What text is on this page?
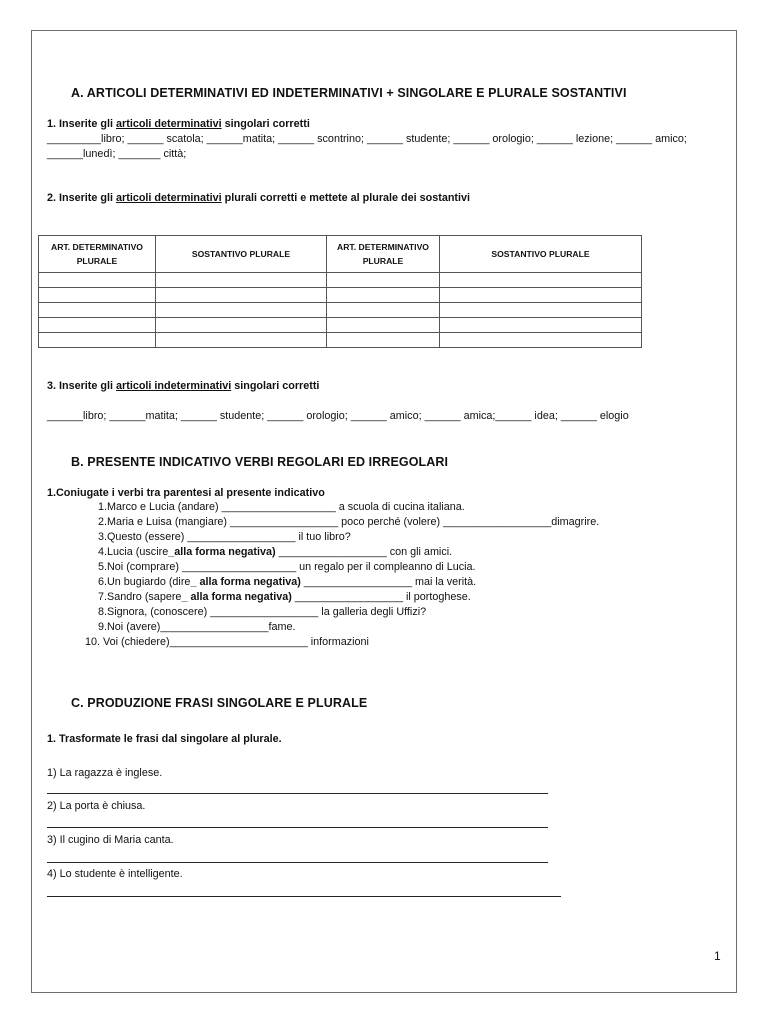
A. ARTICOLI DETERMINATIVI ED INDETERMINATIVI + SINGOLARE E PLURALE SOSTANTIVI
1. Inserite gli articoli determinativi singolari corretti
_________libro; ______ scatola; ______matita; ______ scontrino; ______ studente; ______ orologio; ______ lezione; ______ amico;
______lunedì; _______ città;
2. Inserite gli articoli determinativi plurali corretti e mettete al plurale dei sostantivi
ART. DETERMINATIVO PLURALE	SOSTANTIVO PLURALE	ART. DETERMINATIVO PLURALE	SOSTANTIVO PLURALE

3. Inserite gli articoli indeterminativi singolari corretti
______libro; ______matita; ______ studente; ______ orologio; ______ amico; ______ amica;______ idea; ______ elogio
B. PRESENTE INDICATIVO VERBI REGOLARI ED IRREGOLARI
1.Coniugate i verbi tra parentesi al presente indicativo
1. Marco e Lucia (andare) ___________________ a scuola di cucina italiana.
2. Maria e Luisa (mangiare) __________________ poco perché (volere) __________________dimagrire.
3. Questo (essere) __________________ il tuo libro?
4. Lucia (uscire_alla forma negativa) __________________ con gli amici.
5. Noi (comprare) ___________________ un regalo per il compleanno di Lucia.
6. Un bugiardo (dire_ alla forma negativa) __________________ mai la verità.
7. Sandro (sapere_ alla forma negativa) __________________ il portoghese.
8. Signora, (conoscere) __________________ la galleria degli Uffizi?
9. Noi (avere)__________________fame.
10. Voi (chiedere)_______________________ informazioni
C. PRODUZIONE FRASI SINGOLARE E PLURALE
1. Trasformate le frasi dal singolare al plurale.
1) La ragazza è inglese.
2) La porta è chiusa.
3) Il cugino di Maria canta.
4) Lo studente è intelligente.
1
